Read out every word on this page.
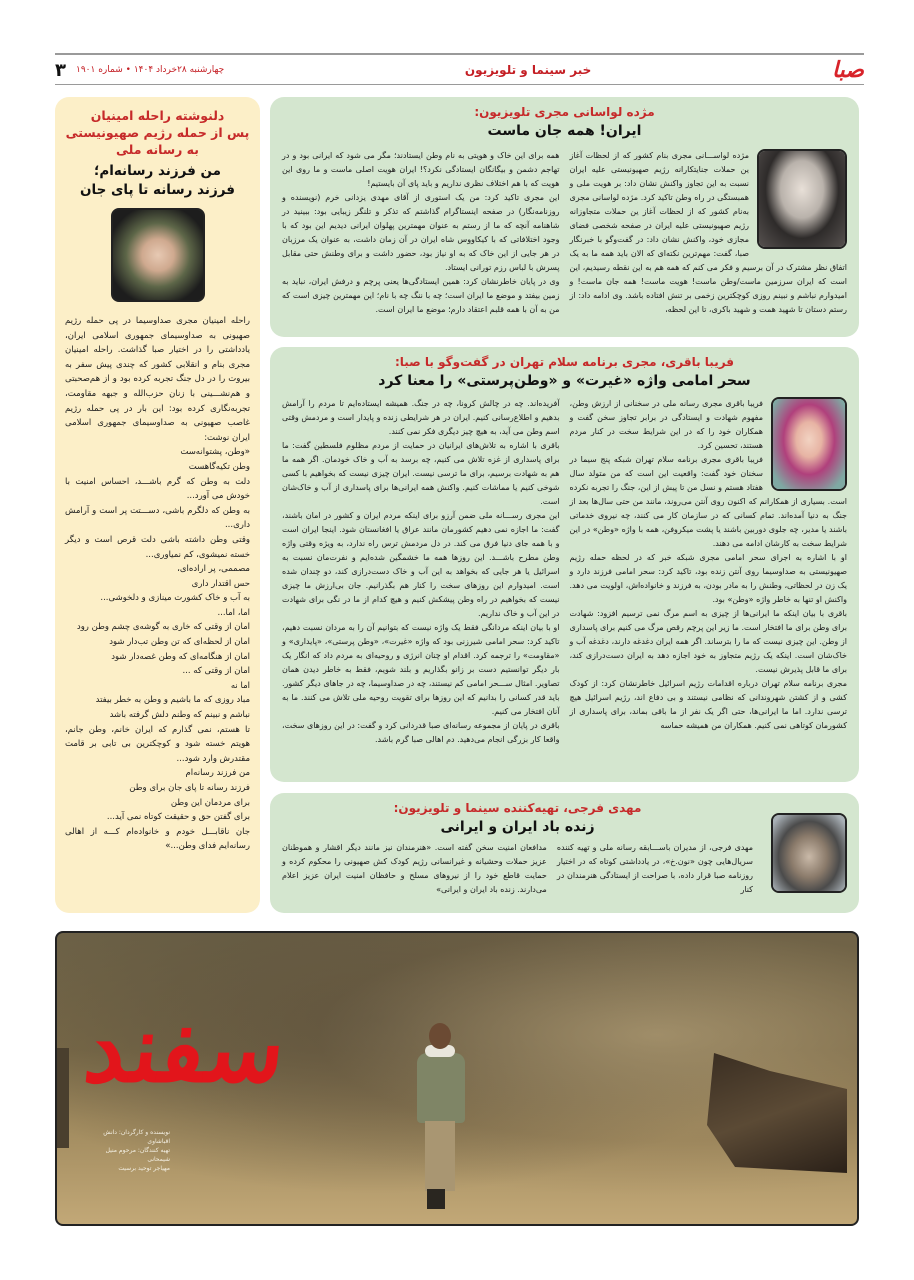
صبا
خبر سینما و تلویزیون
چهارشنبه ۲۸خرداد ۱۴۰۴ • شماره ۱۹۰۱
۳
مژده لواسانی مجری تلویزیون:
ایران! همه جان ماست

مژده لواســـانی مجری بنام کشور که از لحظات آغاز ین حملات جنایتکارانه رژیم صهیونیستی علیه ایران نسبت به این تجاوز واکنش نشان داد: بر هویت ملی و همبستگی در راه وطن تاکید کرد. مژده لواسانی مجری به‌نام کشور که از لحظات آغاز ین حملات متجاوزانه رژیم صهیونیستی علیه ایران در صفحه شخصی فضای مجازی خود، واکنش نشان داد: در گفت‌وگو با خبرنگار صبا، گفت: مهم‌ترین نکته‌ای که الان باید همه ما به یک اتفاق نظر مشترک در آن برسیم و فکر می کنم که همه هم به این نقطه رسیدیم، این است که ایران سرزمین ماست/وطن ماست! هویت ماست! همه جان ماست! و امیدوارم نباشم و نبینم روزی کوچکترین زخمی بر تنش افتاده باشد. وی ادامه داد: از رستم دستان تا شهید همت و شهید باکری، تا این لحظه،

همه برای این خاک و هویتی به نام وطن ایستادند؛ مگر می شود که ایرانی بود و در تهاجم دشمن و بیگانگان ایستادگی نکرد؟! ایران هویت اصلی ماست و ما روی این هویت که با هم اختلاف نظری نداریم و باید پای آن بایستیم!

این مجری تاکید کرد: من یک استوری از آقای مهدی یزدانی خرم (نویسنده و روزنامه‌نگار) در صفحه اینستاگرام گذاشتم که تذکر و تلنگر زیبایی بود: ببینید در شاهنامه آنچه که ما از رستم به عنوان مهمترین پهلوان ایرانی دیدیم این بود که با وجود اختلافاتی که با کیکاووس شاه ایران در آن زمان داشت، به عنوان یک مرزبان در هر جایی از این خاک که به او نیاز بود، حضور داشت و برای وطنش حتی مقابل پسرش با لباس رزم تورانی ایستاد.

وی در پایان خاطرنشان کرد: همین ایستادگی‌ها یعنی پرچم و درفش ایران، نباید به زمین بیفتد و موضع ما ایران است؛ چه با ننگ چه با نام؛ این مهمترین چیزی است که من به آن با همه قلبم اعتقاد دارم؛ موضع ما ایران است.

فریبا باقری، مجری برنامه سلام تهران در گفت‌وگو با صبا:
سحر امامی واژه «غیرت» و «وطن‌پرستی» را معنا کرد

فریبا باقری مجری رسانه ملی در سخنانی از ارزش وطن، مفهوم شهادت و ایستادگی در برابر تجاوز سخن گفت و همکاران خود را که در این شرایط سخت در کنار مردم هستند، تحسین کرد.

فریبا باقری مجری برنامه سلام تهران شبکه پنج سیما در سخنان خود گفت: واقعیت این است که من متولد سال هفتاد هستم و نسل من تا پیش از این، جنگ را تجربه نکرده است. بسیاری از همکارانم که اکنون روی آنتن می‌روند، مانند من حتی سال‌ها بعد از جنگ به دنیا آمده‌اند. تمام کسانی که در سازمان کار می کنند، چه نیروی خدماتی باشند یا مدیر، چه جلوی دوربین باشند یا پشت میکروفن، همه با واژه «وطن» در این شرایط سخت به کارشان ادامه می دهند.

او با اشاره به اجرای سحر امامی مجری شبکه خبر که در لحظه حمله رژیم صهیونیستی به صداوسیما روی آنتن زنده بود، تاکید کرد: سحر امامی فرزند دارد و یک زن در لحظاتی، وطنش را به مادر بودن، به فرزند و خانواده‌اش، اولویت می دهد. واکنش او تنها به خاطر واژه «وطن» بود.

باقری با بیان اینکه ما ایرانی‌ها از چیزی به اسم مرگ نمی ترسیم افزود: شهادت برای وطن برای ما افتخار است. ما زیر این پرچم رقص مرگ می کنیم برای پاسداری از وطن. این چیزی نیست که ما را بترساند. اگر همه ایران دغدغه دارند، دغدغه آب و خاک‌شان است. اینکه یک رژیم متجاوز به خود اجازه دهد به ایران دست‌درازی کند، برای ما قابل پذیرش نیست.

مجری برنامه سلام تهران درباره اقدامات رژیم اسرائیل خاطرنشان کرد: از کودک کشی و از کشتن شهروندانی که نظامی نیستند و بی دفاع اند، رژیم اسرائیل هیچ ترسی ندارد. اما ما ایرانی‌ها، حتی اگر یک نفر از ما باقی بماند، برای پاسداری از کشورمان کوتاهی نمی کنیم. همکاران من همیشه حماسه

آفریده‌اند. چه در چالش کرونا، چه در جنگ. همیشه ایستاده‌ایم تا مردم را آرامش بدهیم و اطلاع‌رسانی کنیم. ایران در هر شرایطی زنده و پایدار است و مردمش وقتی اسم وطن می آید، به هیچ چیز دیگری فکر نمی کنند.

باقری با اشاره به تلاش‌های ایرانیان در حمایت از مردم مظلوم فلسطین گفت: ما برای پاسداری از غزه تلاش می کنیم، چه برسد به آب و خاک خودمان. اگر همه ما هم به شهادت برسیم، برای ما ترسی نیست. ایران چیزی نیست که بخواهیم با کسی شوخی کنیم یا مماشات کنیم. واکنش همه ایرانی‌ها برای پاسداری از آب و خاک‌شان است.

این مجری رســـانه ملی ضمن آرزو برای اینکه مردم ایران و کشور در امان باشند، گفت: ما اجازه نمی دهیم کشورمان مانند عراق یا افغانستان شود. اینجا ایران است و با همه جای دنیا فرق می کند. در دل مردمش ترس راه ندارد، به ویژه وقتی واژه وطن مطرح باشـــد. این روزها همه ما خشمگین شده‌ایم و نفرت‌مان نسبت به اسرائیل یا هر جایی که بخواهد به این آب و خاک دست‌درازی کند، دو چندان شده است. امیدوارم این روزهای سخت را کنار هم بگذرانیم. جان بی‌ارزش ما چیزی نیست که بخواهیم در راه وطن پیشکش کنیم و هیچ کدام از ما در نگی برای شهادت در این آب و خاک نداریم.

او با بیان اینکه مردانگی فقط یک واژه نیست که بتوانیم آن را به مردان نسبت دهیم، تاکید کرد: سحر امامی شیرزنی بود که واژه «غیرت»، «وطن پرستی»، «پایداری» و «مقاومت» را ترجمه کرد. اقدام او چنان انرژی و روحیه‌ای به مردم داد که انگار یک بار دیگر توانستیم دست بر زانو بگذاریم و بلند شویم، فقط به خاطر دیدن همان تصاویر. امثال ســـحر امامی کم نیستند، چه در صداوسیما، چه در جاهای دیگر کشور. باید قدر کسانی را بدانیم که این روزها برای تقویت روحیه ملی تلاش می کنند. ما به آنان افتخار می کنیم.

باقری در پایان از مجموعه رسانه‌ای صبا قدردانی کرد و گفت: در این روزهای سخت، واقعا کار بزرگی انجام می‌دهید. دم اهالی صبا گرم باشد.

مهدی فرجی، تهیه‌کننده سینما و تلویزیون:
زنده باد ایران و ایرانی

مهدی فرجی، از مدیران باســـابقه رسانه ملی و تهیه کننده سریال‌هایی چون «نون.خ»، در یادداشتی کوتاه که در اختیار روزنامه صبا قرار داده، با صراحت از ایستادگی هنرمندان در کنار

مدافعان امنیت سخن گفته است. «هنرمندان نیز مانند دیگر اقشار و هموطنان عزیز حملات وحشیانه و غیرانسانی رژیم کودک کش صهیونی را محکوم کرده و حمایت قاطع خود را از نیروهای مسلح و حافظان امنیت ایران عزیز اعلام می‌دارند. زنده باد ایران و ایرانی»

دلنوشته راحله امینیان
پس از حمله رژیم صهیونیستی
به رسانه ملی
من فرزند رسانه‌ام؛
فرزند رسانه تا پای جان
راحله امینیان مجری صداوسیما در پی حمله رژیم صهیونی به صداوسیمای جمهوری اسلامی ایران، یادداشتی را در اختیار صبا گذاشت. راحله امینیان مجری بنام و انقلابی کشور که چندی پیش سفر به بیروت را در دل جنگ تجربه کرده بود و از هم‌صحبتی و هم‌نشـــینی با زنان حزب‌الله و جبهه مقاومت، تجربه‌نگاری کرده بود: این بار در پی حمله رژیم غاصب صهیونی به صداوسیمای جمهوری اسلامی ایران نوشت:
«وطن، پشتوانه‌ست
وطن تکیه‌گاهست
دلت به وطن که گرم باشـــد، احساس امنیت با خودش می آورد...
به وطن که دلگرم باشی، دســـتت پر است و آرامش داری...
وقتی وطن داشته باشی دلت قرص است و دیگر خسته نمیشوی، کم نمیاوری...
مصممی، پر اراده‌ای،
حس اقتدار داری
به آب و خاک کشورت مینازی و دلخوشی...
اما، اما...
امان از وقتی که خاری به گوشه‌ی چشم وطن رود
امان از لحظه‌ای که تن وطن تب‌دار شود
امان از هنگامه‌ای که وطن غصه‌دار شود
امان از وقتی که ...
اما نه
مباد روزی که ما باشیم و وطن به خطر بیفتد
نباشم و نبینم که وطنم دلش گرفته باشد
تا هستم، نمی گذارم که ایران خانم، وطن جانم، هویتم خسته شود و کوچکترین بی تابی بر قامت مقتدرش وارد شود...
من فرزند رسانه‌ام
فرزند رسانه تا پای جان برای وطن
برای مردمان این وطن
برای گفتن حق و حقیقت کوتاه نمی آید...
جان ناقابـــل خودم و خانواده‌ام کـــه از اهالی رسانه‌ایم فدای وطن...»
سفند
نویسنده و کارگردان: دانش اقباشاوی
تهیه کنندگان: مرحوم منیل شیمحانی
مهیاجر توحید برسیت
